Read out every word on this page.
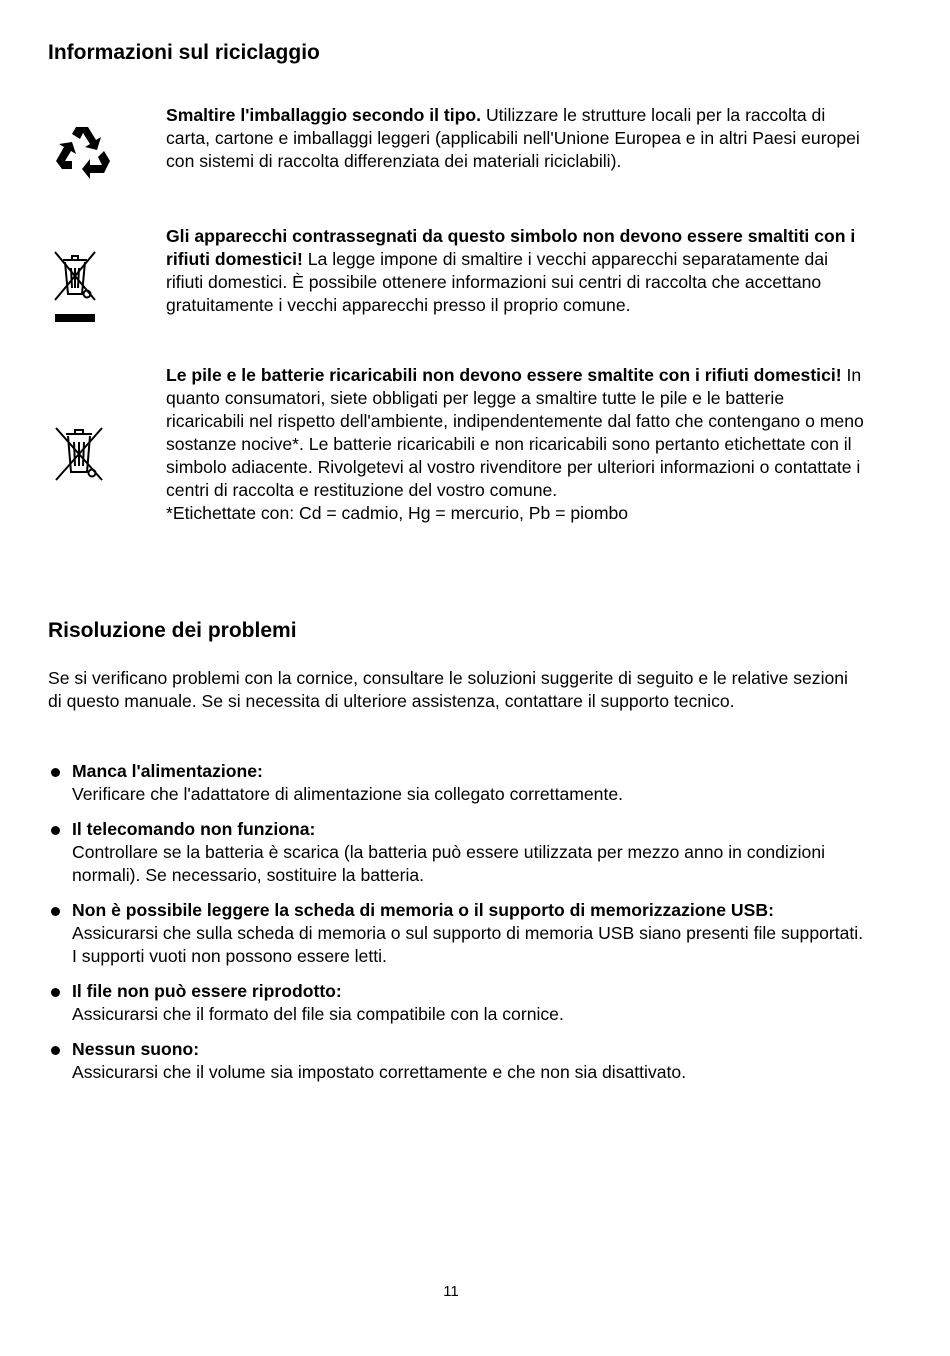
Informazioni sul riciclaggio
Smaltire l'imballaggio secondo il tipo. Utilizzare le strutture locali per la raccolta di carta, cartone e imballaggi leggeri (applicabili nell'Unione Europea e in altri Paesi europei con sistemi di raccolta differenziata dei materiali riciclabili).
Gli apparecchi contrassegnati da questo simbolo non devono essere smaltiti con i rifiuti domestici! La legge impone di smaltire i vecchi apparecchi separatamente dai rifiuti domestici. È possibile ottenere informazioni sui centri di raccolta che accettano gratuitamente i vecchi apparecchi presso il proprio comune.
Le pile e le batterie ricaricabili non devono essere smaltite con i rifiuti domestici! In quanto consumatori, siete obbligati per legge a smaltire tutte le pile e le batterie ricaricabili nel rispetto dell'ambiente, indipendentemente dal fatto che contengano o meno sostanze nocive*. Le batterie ricaricabili e non ricaricabili sono pertanto etichettate con il simbolo adiacente. Rivolgetevi al vostro rivenditore per ulteriori informazioni o contattate i centri di raccolta e restituzione del vostro comune.
*Etichettate con: Cd = cadmio, Hg = mercurio, Pb = piombo
Risoluzione dei problemi

Se si verificano problemi con la cornice, consultare le soluzioni suggerite di seguito e le relative sezioni di questo manuale. Se si necessita di ulteriore assistenza, contattare il supporto tecnico.

Manca l'alimentazione:
Verificare che l'adattatore di alimentazione sia collegato correttamente.
Il telecomando non funziona:
Controllare se la batteria è scarica (la batteria può essere utilizzata per mezzo anno in condizioni normali). Se necessario, sostituire la batteria.
Non è possibile leggere la scheda di memoria o il supporto di memorizzazione USB:
Assicurarsi che sulla scheda di memoria o sul supporto di memoria USB siano presenti file supportati. I supporti vuoti non possono essere letti.
Il file non può essere riprodotto:
Assicurarsi che il formato del file sia compatibile con la cornice.
Nessun suono:
Assicurarsi che il volume sia impostato correttamente e che non sia disattivato.
11
